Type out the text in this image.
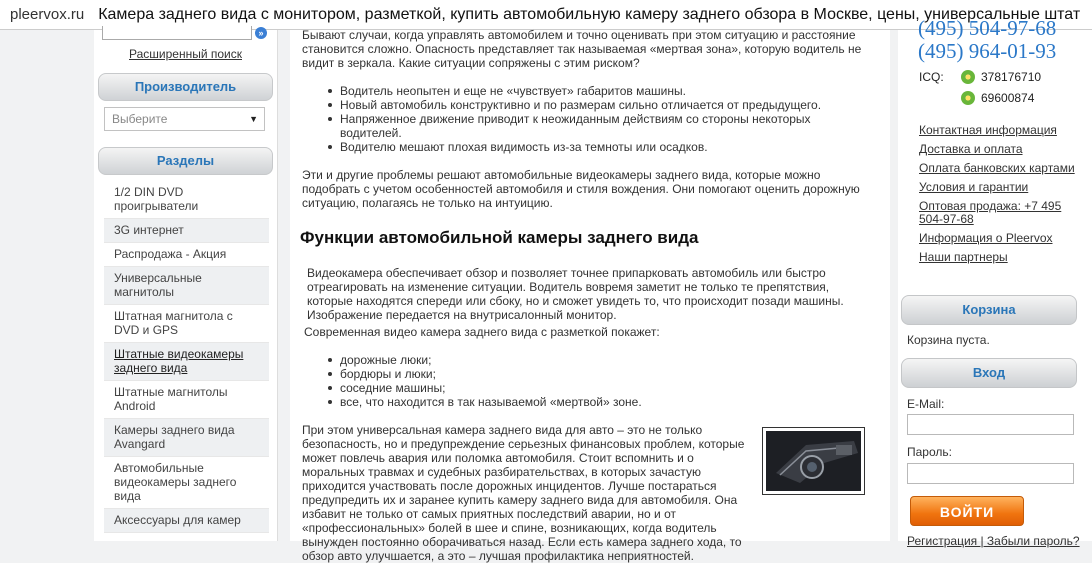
pleervox.ru Камера заднего вида с монитором, разметкой, купить автомобильную камеру заднего обзора в Москве, цены, универсальные штат
»
Расширенный поиск
Производитель
Выберите	▼
Разделы
1/2 DIN DVD проигрыватели
3G интернет
Распродажа - Акция
Универсальные магнитолы
Штатная магнитола с DVD и GPS
Штатные видеокамеры заднего вида
Штатные магнитолы Android
Камеры заднего вида Avangard
Автомобильные видеокамеры заднего вида
Аксессуары для камер

Бывают случаи, когда управлять автомобилем и точно оценивать при этом ситуацию и расстояние становится сложно. Опасность представляет так называемая «мертвая зона», которую водитель не видит в зеркала. Какие ситуации сопряжены с этим риском?

Водитель неопытен и еще не «чувствует» габаритов машины.
Новый автомобиль конструктивно и по размерам сильно отличается от предыдущего.
Напряженное движение приводит к неожиданным действиям со стороны некоторых водителей.
Водителю мешают плохая видимость из-за темноты или осадков.

Эти и другие проблемы решают автомобильные видеокамеры заднего вида, которые можно подобрать с учетом особенностей автомобиля и стиля вождения. Они помогают оценить дорожную ситуацию, полагаясь не только на интуицию.

Функции автомобильной камеры заднего вида

Видеокамера обеспечивает обзор и позволяет точнее припарковать автомобиль или быстро отреагировать на изменение ситуации. Водитель вовремя заметит не только те препятствия, которые находятся спереди или сбоку, но и сможет увидеть то, что происходит позади машины. Изображение передается на внутрисалонный монитор.

Современная видео камера заднего вида с разметкой покажет:

дорожные люки;
бордюры и люки;
соседние машины;
все, что находится в так называемой «мертвой» зоне.

При этом универсальная камера заднего вида для авто – это не только безопасность, но и предупреждение серьезных финансовых проблем, которые может повлечь авария или поломка автомобиля. Стоит вспомнить и о моральных травмах и судебных разбирательствах, в которых зачастую приходится участвовать после дорожных инцидентов. Лучше постараться предупредить их и заранее купить камеру заднего вида для автомобиля. Она избавит не только от самых приятных последствий аварии, но и от «профессиональных» болей в шее и спине, возникающих, когда водитель вынужден постоянно оборачиваться назад. Если есть камера заднего хода, то обзор авто улучшается, а это – лучшая профилактика неприятностей.

(495) 504-97-68
(495) 964-01-93
ICQ:	378176710
69600874
Контактная информация
Доставка и оплата
Оплата банковских картами
Условия и гарантии
Оптовая продажа: +7 495 504-97-68
Информация о Pleervox
Наши партнеры
Корзина
Корзина пуста.
Вход
E-Mail:
Пароль:
ВОЙТИ
Регистрация | Забыли пароль?
